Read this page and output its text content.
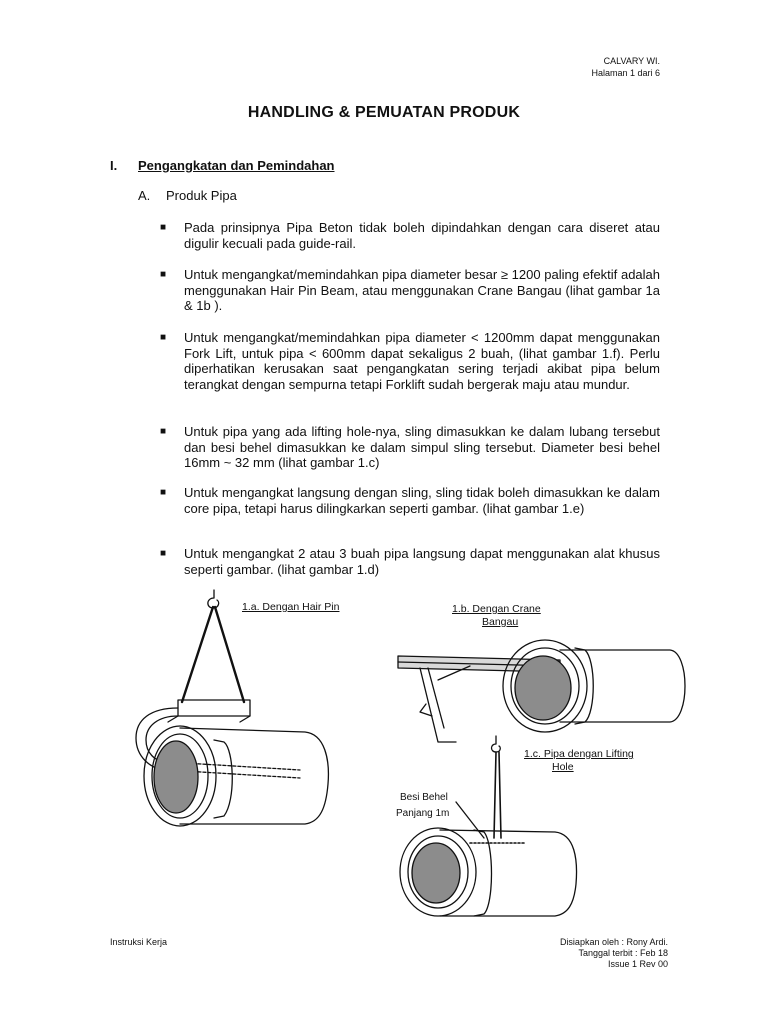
CALVARY WI.
Halaman 1 dari 6
HANDLING & PEMUATAN PRODUK
I. Pengangkatan dan Pemindahan
A. Produk Pipa
■ Pada prinsipnya Pipa Beton tidak boleh dipindahkan dengan cara diseret atau digulir kecuali pada guide-rail.
■ Untuk mengangkat/memindahkan pipa diameter besar ≥ 1200 paling efektif adalah menggunakan Hair Pin Beam, atau menggunakan Crane Bangau (lihat gambar 1a & 1b ).
■ Untuk mengangkat/memindahkan pipa diameter < 1200mm dapat menggunakan Fork Lift, untuk pipa < 600mm dapat sekaligus 2 buah, (lihat gambar 1.f). Perlu diperhatikan kerusakan saat pengangkatan sering terjadi akibat pipa belum terangkat dengan sempurna tetapi Forklift sudah bergerak maju atau mundur.
■ Untuk pipa yang ada lifting hole-nya, sling dimasukkan ke dalam lubang tersebut dan besi behel dimasukkan ke dalam simpul sling tersebut. Diameter besi behel 16mm ~ 32 mm (lihat gambar 1.c)
■ Untuk mengangkat langsung dengan sling, sling tidak boleh dimasukkan ke dalam core pipa, tetapi harus dilingkarkan seperti gambar. (lihat gambar 1.e)
■ Untuk mengangkat 2 atau 3 buah pipa langsung dapat menggunakan alat khusus seperti gambar. (lihat gambar 1.d)
1.a. Dengan Hair Pin	1.b. Dengan Crane
Bangau
1.c. Pipa dengan Lifting
Hole
Besi Behel
Panjang 1m
Instruksi Kerja	Disiapkan oleh : Rony Ardi.
Tanggal terbit : Feb 18
Issue 1 Rev 00
